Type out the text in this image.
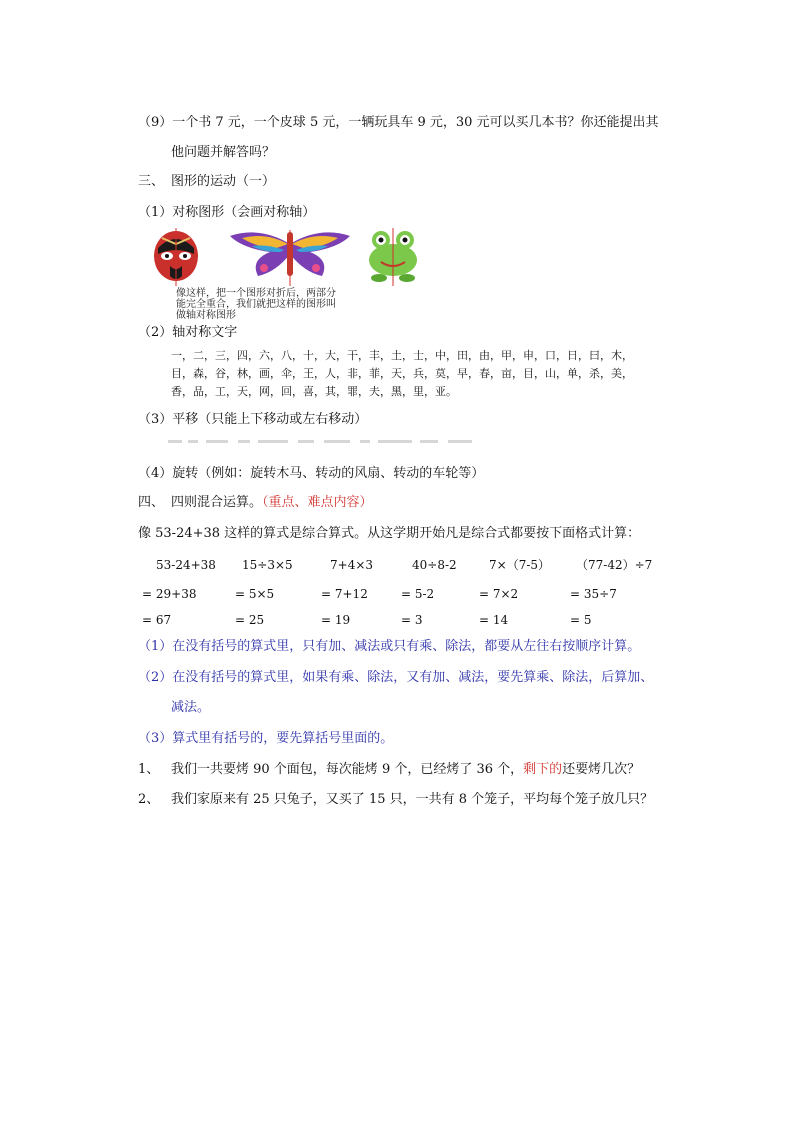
（9）一个书 7 元，一个皮球 5 元，一辆玩具车 9 元，30 元可以买几本书？你还能提出其
他问题并解答吗？
三、 图形的运动（一）
（1）对称图形（会画对称轴）
像这样，把一个图形对折后，两部分
能完全重合，我们就把这样的图形叫
做轴对称图形
（2）轴对称文字
一，二，三，四，六，八，十，大，干，丰，土，士，中，田，由，甲，申，口，日，曰，木，
目，森，谷，林，画，伞，王，人，非，菲，天，兵，莫，早，春，亩，目，山，单，杀，美，
香，品，工，天，网，回，喜，其，罪，夫，黑，里，亚。
（3）平移（只能上下移动或左右移动）
（4）旋转（例如：旋转木马、转动的风扇、转动的车轮等）
四、 四则混合运算。（重点、难点内容）
像 53-24+38 这样的算式是综合算式。从这学期开始凡是综合式都要按下面格式计算：
53-24+38
= 29+38
= 67
15÷3×5
= 5×5
= 25
7+4×3
= 7+12
= 19
40÷8-2
= 5-2
= 3
7×（7-5）
= 7×2
= 14
（77-42）÷7
= 35÷7
= 5
（1）在没有括号的算式里，只有加、减法或只有乘、除法，都要从左往右按顺序计算。
（2）在没有括号的算式里，如果有乘、除法，又有加、减法，要先算乘、除法，后算加、
减法。
（3）算式里有括号的，要先算括号里面的。
1、 我们一共要烤 90 个面包，每次能烤 9 个，已经烤了 36 个，剩下的还要烤几次？
2、 我们家原来有 25 只兔子，又买了 15 只，一共有 8 个笼子，平均每个笼子放几只？
